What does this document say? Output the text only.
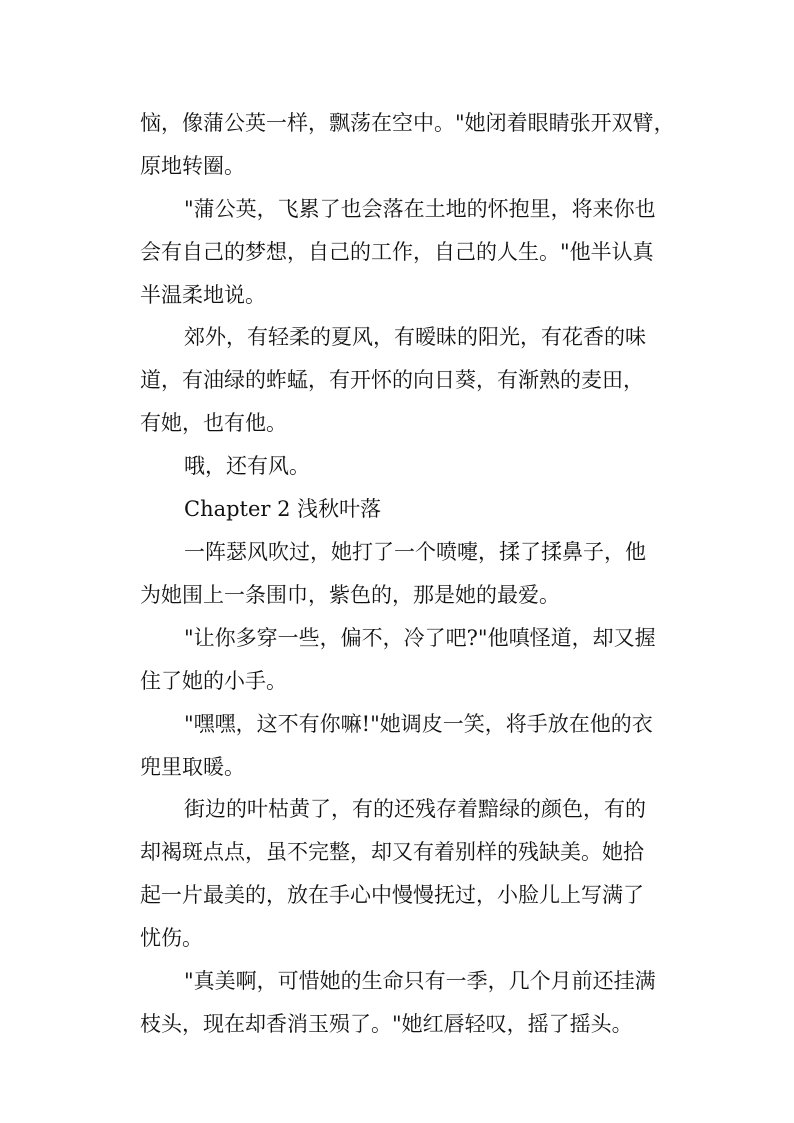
恼，像蒲公英一样，飘荡在空中。"她闭着眼睛张开双臂，
原地转圈。
"蒲公英，飞累了也会落在土地的怀抱里，将来你也
会有自己的梦想，自己的工作，自己的人生。"他半认真
半温柔地说。
郊外，有轻柔的夏风，有暧昧的阳光，有花香的味
道，有油绿的蚱蜢，有开怀的向日葵，有渐熟的麦田，
有她，也有他。
哦，还有风。
Chapter 2 浅秋叶落
一阵瑟风吹过，她打了一个喷嚏，揉了揉鼻子，他
为她围上一条围巾，紫色的，那是她的最爱。
"让你多穿一些，偏不，冷了吧?"他嗔怪道，却又握
住了她的小手。
"嘿嘿，这不有你嘛!"她调皮一笑，将手放在他的衣
兜里取暖。
街边的叶枯黄了，有的还残存着黯绿的颜色，有的
却褐斑点点，虽不完整，却又有着别样的残缺美。她拾
起一片最美的，放在手心中慢慢抚过，小脸儿上写满了
忧伤。
"真美啊，可惜她的生命只有一季，几个月前还挂满
枝头，现在却香消玉殒了。"她红唇轻叹，摇了摇头。
